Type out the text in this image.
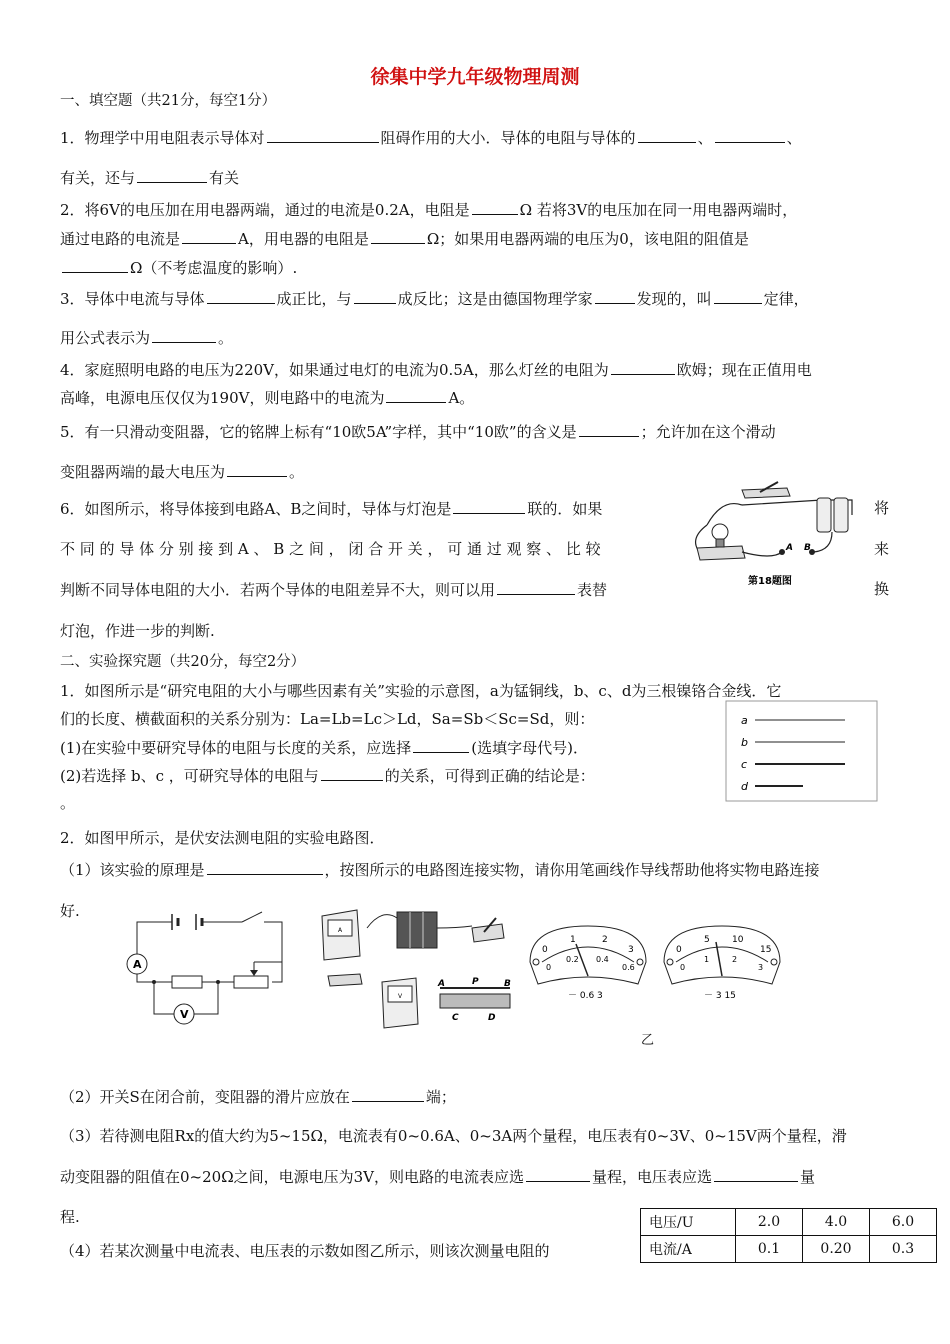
徐集中学九年级物理周测
一、填空题（共21分，每空1分）
1．物理学中用电阻表示导体对	阻碍作用的大小．导体的电阻与导体的	、	、
有关，还与	有关
2．将6V的电压加在用电器两端，通过的电流是0.2A，电阻是	Ω 若将3V的电压加在同一用电器两端时，
通过电路的电流是	A，用电器的电阻是	Ω；如果用电器两端的电压为0，该电阻的阻值是
Ω（不考虑温度的影响）.
3．导体中电流与导体	成正比，与	成反比；这是由德国物理学家	发现的，叫	定律，
用公式表示为	。
4．家庭照明电路的电压为220V，如果通过电灯的电流为0.5A，那么灯丝的电阻为	欧姆；现在正值用电
高峰，电源电压仅仅为190V，则电路中的电流为	A。
5．有一只滑动变阻器，它的铭牌上标有“10欧5A”字样，其中“10欧”的含义是	；允许加在这个滑动
变阻器两端的最大电压为	。
6．如图所示，将导体接到电路A、B之间时，导体与灯泡是	联的．如果	将
不 同 的 导 体 分 别 接 到 A 、 B 之 间 ， 闭 合 开 关 ， 可 通 过 观 察 、 比 较	来
判断不同导体电阻的大小．若两个导体的电阻差异不大，则可以用	表替	换
灯泡，作进一步的判断.
A B
第18题图
二、实验探究题（共20分，每空2分）
1．如图所示是“研究电阻的大小与哪些因素有关”实验的示意图，a为锰铜线，b、c、d为三根镍铬合金线．它
们的长度、横截面积的关系分别为：La=Lb=Lc＞Ld，Sa=Sb＜Sc=Sd，则：
(1)在实验中要研究导体的电阻与长度的关系，应选择	(选填字母代号)．
(2)若选择 b、c ，可研究导体的电阻与	的关系，可得到正确的结论是：
。
a
b
c
d
2．如图甲所示，是伏安法测电阻的实验电路图．
（1）该实验的原理是	，按图所示的电路图连接实物，请你用笔画线作导线帮助他将实物电路连接
好.
A
V
A
V
A	P	B
C	D
0
1	2
3
0
0.2 0.4
0.6
－ 0.6 3
0
5 10
15
0
1	2
3
－ 3 15
乙
（2）开关S在闭合前，变阻器的滑片应放在	端；
（3）若待测电阻Rx的值大约为5~15Ω，电流表有0~0.6A、0~3A两个量程，电压表有0~3V、0~15V两个量程，滑
动变阻器的阻值在0~20Ω之间，电源电压为3V，则电路的电流表应选	量程，电压表应选	量
程.
（4）若某次测量中电流表、电压表的示数如图乙所示，则该次测量电阻的
电压/U	2.0	4.0	6.0
电流/A	0.1	0.20	0.3
